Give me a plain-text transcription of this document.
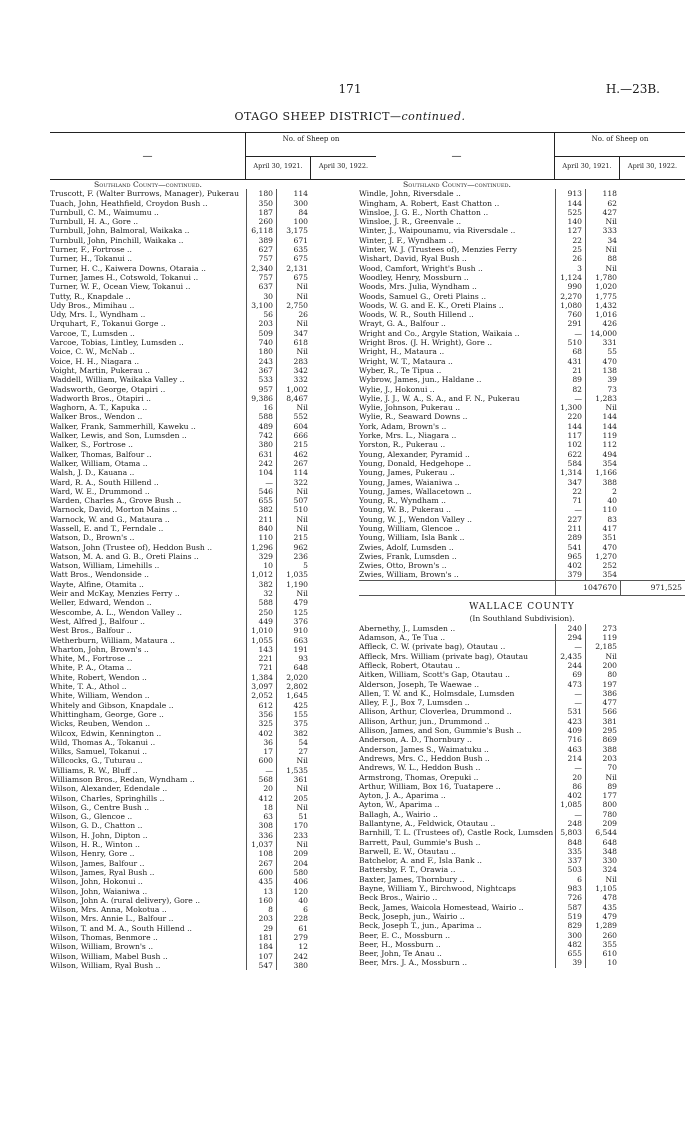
171	H.—23B.
OTAGO SHEEP DISTRICT—continued.
—
No. of Sheep on
April 30, 1921.	April 30, 1922.
Southland County—continued.
Truscott, F. (Walter Burrows, Manager), Pukerau	180	114
Tuach, John, Heathfield, Croydon Bush ..	350	300
Turnbull, C. M., Waimumu ..	187	84
Turnbull, H. A., Gore ..	260	100
Turnbull, John, Balmoral, Waikaka ..	6,118	3,175
Turnbull, John, Pinchill, Waikaka ..	389	671
Turner, F., Fortrose ..	627	635
Turner, H., Tokanui ..	757	675
Turner, H. C., Kaiwera Downs, Otaraia ..	2,340	2,131
Turner, James H., Cotswold, Tokanui ..	757	675
Turner, W. F., Ocean View, Tokanui ..	637	Nil
Tutty, R., Knapdale ..	30	Nil
Udy Bros., Mimihau ..	3,100	2,750
Udy, Mrs. I., Wyndham ..	56	26
Urquhart, F., Tokanui Gorge ..	203	Nil
Varcoe, T., Lumsden ..	509	347
Varcoe, Tobias, Lintley, Lumsden ..	740	618
Voice, C. W., McNab ..	180	Nil
Voice, H. H., Niagara ..	243	283
Voight, Martin, Pukerau ..	367	342
Waddell, William, Waikaka Valley ..	533	332
Wadsworth, George, Otapiri ..	957	1,002
Wadworth Bros., Otapiri ..	9,386	8,467
Waghorn, A. T., Kapuka ..	16	Nil
Walker Bros., Wendon ..	588	552
Walker, Frank, Sammerhill, Kaweku ..	489	604
Walker, Lewis, and Son, Lumsden ..	742	666
Walker, S., Fortrose ..	380	215
Walker, Thomas, Balfour ..	631	462
Walker, William, Otama ..	242	267
Walsh, J. D., Kauana ..	104	114
Ward, R. A., South Hillend ..	—	322
Ward, W. E., Drummond ..	546	Nil
Warden, Charles A., Grove Bush ..	655	507
Warnock, David, Morton Mains ..	382	510
Warnock, W. and G., Mataura ..	211	Nil
Wassell, E. and T., Ferndale ..	840	Nil
Watson, D., Brown's ..	110	215
Watson, John (Trustee of), Heddon Bush ..	1,296	962
Watson, M. A. and G. B., Oreti Plains ..	329	236
Watson, William, Limehills ..	10	5
Watt Bros., Wendonside ..	1,012	1,035
Wayte, Alfine, Otamita ..	382	1,190
Weir and McKay, Menzies Ferry ..	32	Nil
Weller, Edward, Wendon ..	588	479
Wescombe, A. L., Wendon Valley ..	250	125
West, Alfred J., Balfour ..	449	376
West Bros., Balfour ..	1,010	910
Wetherburn, William, Mataura ..	1,055	663
Wharton, John, Brown's ..	143	191
White, M., Fortrose ..	221	93
White, P. A., Otama ..	721	648
White, Robert, Wendon ..	1,384	2,020
White, T. A., Athol ..	3,097	2,802
White, William, Wendon ..	2,052	1,645
Whitely and Gibson, Knapdale ..	612	425
Whittingham, George, Gore ..	356	155
Wicks, Reuben, Wendon ..	325	375
Wilcox, Edwin, Kennington ..	402	382
Wild, Thomas A., Tokanui ..	36	54
Wilks, Samuel, Tokanui ..	17	27
Willcocks, G., Tuturau ..	600	Nil
Williams, R. W., Bluff ..	—	1,535
Williamson Bros., Redan, Wyndham ..	568	361
Wilson, Alexander, Edendale ..	20	Nil
Wilson, Charles, Springhills ..	412	205
Wilson, G., Centre Bush ..	18	Nil
Wilson, G., Glencoe ..	63	51
Wilson, G. D., Chatton ..	308	170
Wilson, H. John, Dipton ..	336	233
Wilson, H. R., Winton ..	1,037	Nil
Wilson, Henry, Gore ..	108	209
Wilson, James, Balfour ..	267	204
Wilson, James, Ryal Bush ..	600	580
Wilson, John, Hokonui ..	435	406
Wilson, John, Waianiwa ..	13	120
Wilson, John A. (rural delivery), Gore ..	160	40
Wilson, Mrs. Anna, Mokotua ..	8	6
Wilson, Mrs. Annie L., Balfour ..	203	228
Wilson, T. and M. A., South Hillend ..	29	61
Wilson, Thomas, Benmore ..	181	279
Wilson, William, Brown's ..	184	12
Wilson, William, Mabel Bush ..	107	242
Wilson, William, Ryal Bush ..	547	380
—
No. of Sheep on
April 30, 1921.	April 30, 1922.
Southland County—continued.
Windle, John, Riversdale ..	913	118
Wingham, A. Robert, East Chatton ..	144	62
Winsloe, J. G. E., North Chatton ..	525	427
Winsloe, J. R., Greenvale ..	140	Nil
Winter, J., Waipounamu, via Riversdale ..	127	333
Winter, J. F., Wyndham ..	22	34
Winter, W. J. (Trustees of), Menzies Ferry	25	Nil
Wishart, David, Ryal Bush ..	26	88
Wood, Camfort, Wright's Bush ..	3	Nil
Woodley, Henry, Mossburn ..	1,124	1,780
Woods, Mrs. Julia, Wyndham ..	990	1,020
Woods, Samuel G., Oreti Plains ..	2,270	1,775
Woods, W. G. and E. K., Oreti Plains ..	1,080	1,432
Woods, W. R., South Hillend ..	760	1,016
Wrayt, G. A., Balfour ..	291	426
Wright and Co., Argyle Station, Waikaia ..	—	14,000
Wright Bros. (J. H. Wright), Gore ..	510	331
Wright, H., Mataura ..	68	55
Wright, W. T., Mataura ..	431	470
Wyber, R., Te Tipua ..	21	138
Wybrow, James, jun., Haldane ..	89	39
Wylie, J., Hokonui ..	82	73
Wylie, J. J., W. A., S. A., and F. N., Pukerau	—	1,283
Wylie, Johnson, Pukerau ..	1,300	Nil
Wylie, R., Seaward Downs ..	220	144
York, Adam, Brown's ..	144	144
Yorke, Mrs. L., Niagara ..	117	119
Yorston, R., Pukerau ..	102	112
Young, Alexander, Pyramid ..	622	494
Young, Donald, Hedgehope ..	584	354
Young, James, Pukerau ..	1,314	1,166
Young, James, Waianiwa ..	347	388
Young, James, Wallacetown ..	22	2
Young, R., Wyndham ..	71	40
Young, W. B., Pukerau ..	—	110
Young, W. J., Wendon Valley ..	227	83
Young, William, Glencoe ..	211	417
Young, William, Isla Bank ..	289	351
Zwies, Adolf, Lumsden ..	541	470
Zwies, Frank, Lumsden ..	965	1,270
Zwies, Otto, Brown's ..	402	252
Zwies, William, Brown's ..	379	354
1047670	971,525
WALLACE COUNTY
(In Southland Subdivision).
Abernethy, J., Lumsden ..	240	273
Adamson, A., Te Tua ..	294	119
Affleck, C. W. (private bag), Otautau ..	—	2,185
Affleck, Mrs. William (private bag), Otautau	2,435	Nil
Affleck, Robert, Otautau ..	244	200
Aitken, William, Scott's Gap, Otautau ..	69	80
Alderson, Joseph, Te Waewae ..	473	197
Allen, T. W. and K., Holmsdale, Lumsden	—	386
Alley, F. J., Box 7, Lumsden ..	—	477
Allison, Arthur, Cloverlea, Drummond ..	531	566
Allison, Arthur, jun., Drummond ..	423	381
Allison, James, and Son, Gummie's Bush ..	409	295
Anderson, A. D., Thornbury ..	716	869
Anderson, James S., Waimatuku ..	463	388
Andrews, Mrs. C., Heddon Bush ..	214	203
Andrews, W. L., Heddon Bush ..	—	70
Armstrong, Thomas, Orepuki ..	20	Nil
Arthur, William, Box 16, Tuatapere ..	86	89
Ayton, J. A., Aparima ..	402	177
Ayton, W., Aparima ..	1,085	800
Ballagh, A., Wairio ..	—	780
Ballantyne, A., Feldwick, Otautau ..	248	209
Barnhill, T. L. (Trustees of), Castle Rock, Lumsden 5,803	6,544
Barrett, Paul, Gummie's Bush ..	848	648
Barwell, E. W., Otautau ..	335	348
Batchelor, A. and F., Isla Bank ..	337	330
Battersby, F. T., Orawia ..	503	324
Baxter, James, Thornbury ..	6	Nil
Bayne, William Y., Birchwood, Nightcaps	983	1,105
Beck Bros., Wairio ..	726	478
Beck, James, Waicola Homestead, Wairio ..	587	435
Beck, Joseph, jun., Wairio ..	519	479
Beck, Joseph T., jun., Aparima ..	829	1,289
Beer, E. C., Mossburn ..	300	260
Beer, H., Mossburn ..	482	355
Beer, John, Te Anau ..	655	610
Beer, Mrs. J. A., Mossburn ..	39	10
